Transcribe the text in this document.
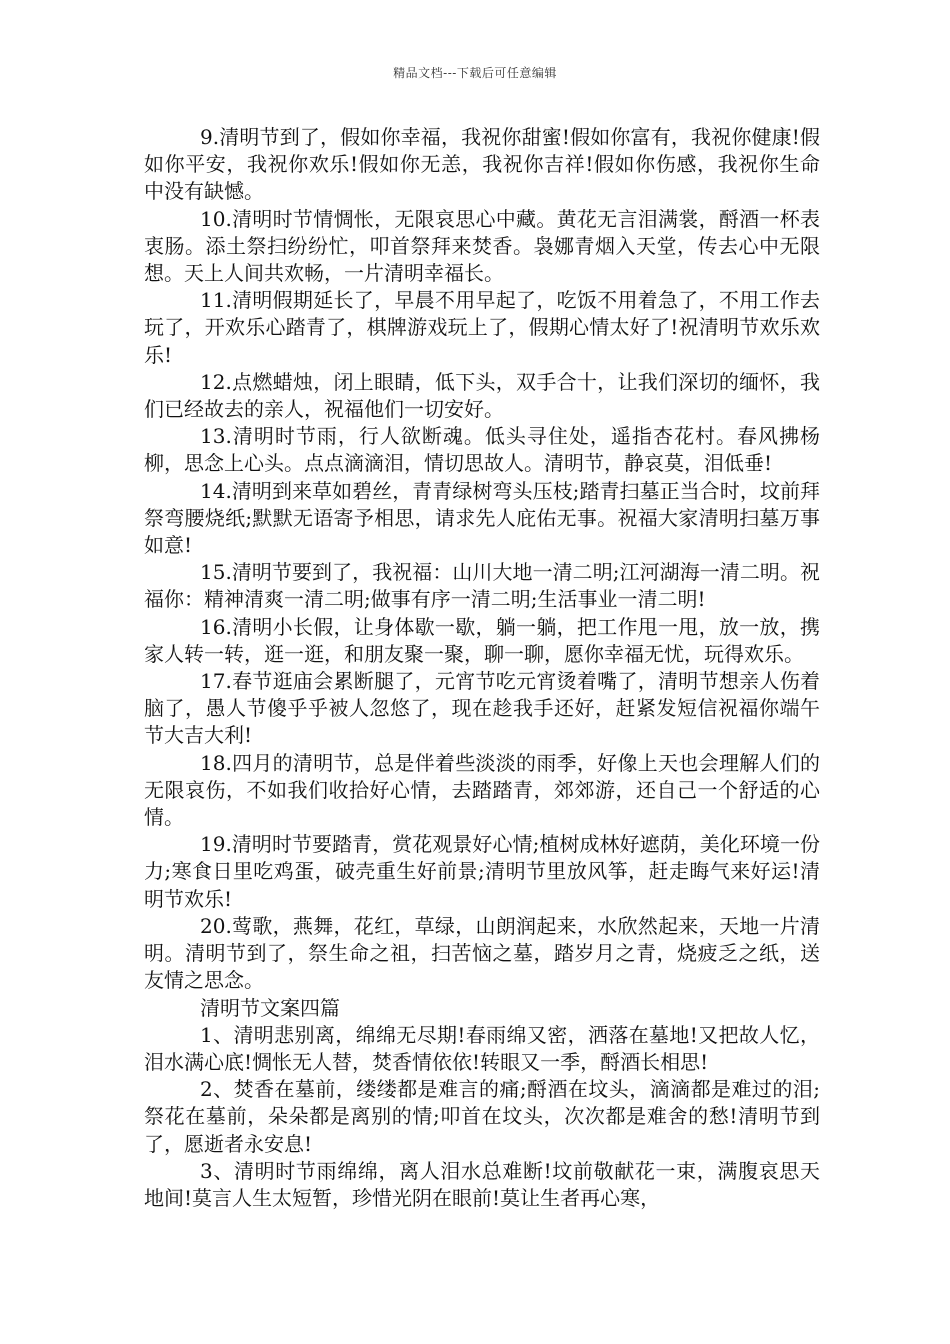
精品文档---下载后可任意编辑

9.清明节到了，假如你幸福，我祝你甜蜜!假如你富有，我祝你健康!假如你平安，我祝你欢乐!假如你无恙，我祝你吉祥!假如你伤感，我祝你生命中没有缺憾。

10.清明时节情惆怅，无限哀思心中藏。黄花无言泪满裳，酹酒一杯表衷肠。添土祭扫纷纷忙，叩首祭拜来焚香。袅娜青烟入天堂，传去心中无限想。天上人间共欢畅，一片清明幸福长。

11.清明假期延长了，早晨不用早起了，吃饭不用着急了，不用工作去玩了，开欢乐心踏青了，棋牌游戏玩上了，假期心情太好了!祝清明节欢乐欢乐!

12.点燃蜡烛，闭上眼睛，低下头，双手合十，让我们深切的缅怀，我们已经故去的亲人，祝福他们一切安好。

13.清明时节雨，行人欲断魂。低头寻住处，遥指杏花村。春风拂杨柳，思念上心头。点点滴滴泪，情切思故人。清明节，静哀莫，泪低垂!

14.清明到来草如碧丝，青青绿树弯头压枝;踏青扫墓正当合时，坟前拜祭弯腰烧纸;默默无语寄予相思，请求先人庇佑无事。祝福大家清明扫墓万事如意!

15.清明节要到了，我祝福：山川大地一清二明;江河湖海一清二明。祝福你：精神清爽一清二明;做事有序一清二明;生活事业一清二明!

16.清明小长假，让身体歇一歇，躺一躺，把工作甩一甩，放一放，携家人转一转，逛一逛，和朋友聚一聚，聊一聊，愿你幸福无忧，玩得欢乐。

17.春节逛庙会累断腿了，元宵节吃元宵烫着嘴了，清明节想亲人伤着脑了，愚人节傻乎乎被人忽悠了，现在趁我手还好，赶紧发短信祝福你端午节大吉大利!

18.四月的清明节，总是伴着些淡淡的雨季，好像上天也会理解人们的无限哀伤，不如我们收拾好心情，去踏踏青，郊郊游，还自己一个舒适的心情。

19.清明时节要踏青，赏花观景好心情;植树成林好遮荫，美化环境一份力;寒食日里吃鸡蛋，破壳重生好前景;清明节里放风筝，赶走晦气来好运!清明节欢乐!

20.莺歌，燕舞，花红，草绿，山朗润起来，水欣然起来，天地一片清明。清明节到了，祭生命之祖，扫苦恼之墓，踏岁月之青，烧疲乏之纸，送友情之思念。

清明节文案四篇

1、清明悲别离，绵绵无尽期!春雨绵又密，洒落在墓地!又把故人忆，泪水满心底!惆怅无人替，焚香情依依!转眼又一季，酹酒长相思!

2、焚香在墓前，缕缕都是难言的痛;酹酒在坟头，滴滴都是难过的泪;祭花在墓前，朵朵都是离别的情;叩首在坟头，次次都是难舍的愁!清明节到了，愿逝者永安息!

3、清明时节雨绵绵，离人泪水总难断!坟前敬献花一束，满腹哀思天地间!莫言人生太短暂，珍惜光阴在眼前!莫让生者再心寒，
